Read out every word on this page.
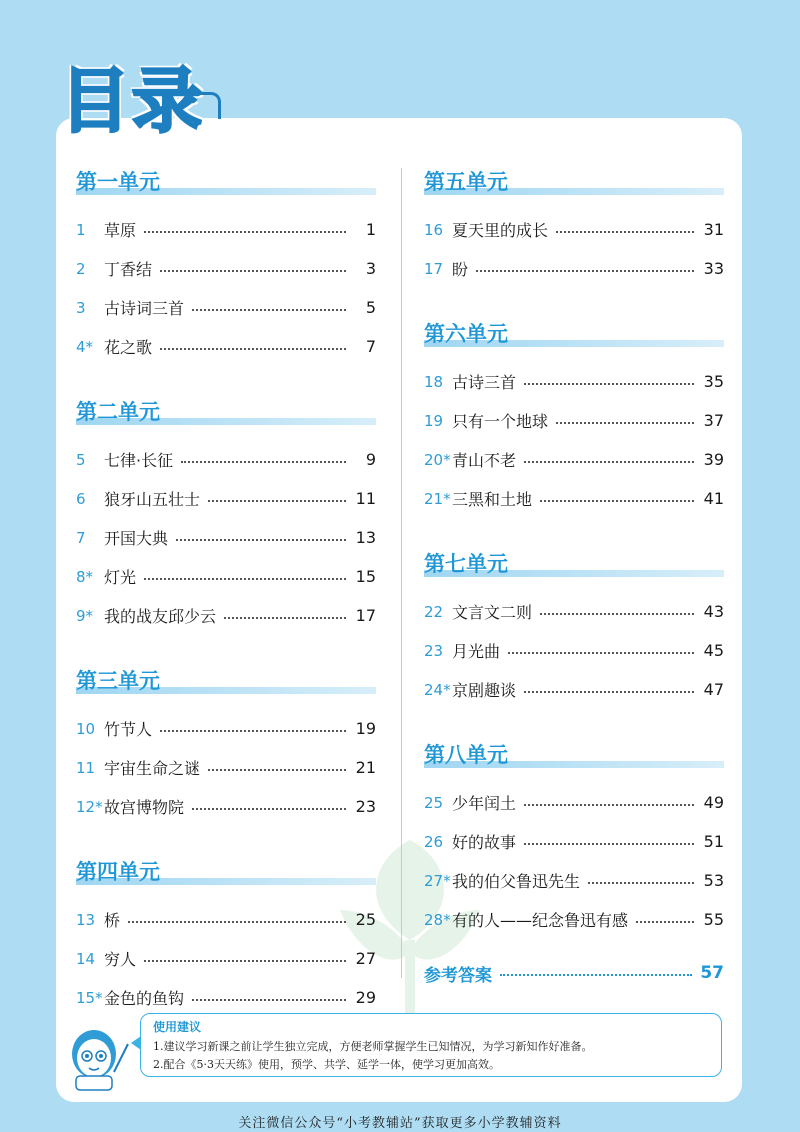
目录
第一单元
1	草原	1
2	丁香结	3
3	古诗词三首	5
4* 花之歌	7
第二单元
5	七律·长征	9
6	狼牙山五壮士	11
7	开国大典	13
8* 灯光	15
9* 我的战友邱少云	17
第三单元
10 竹节人	19
11 宇宙生命之谜	21
12* 故宫博物院	23
第四单元
13 桥	25
14 穷人	27
15* 金色的鱼钩	29
第五单元
16 夏天里的成长	31
17 盼	33
第六单元
18 古诗三首	35
19 只有一个地球	37
20* 青山不老	39
21* 三黑和土地	41
第七单元
22 文言文二则	43
23 月光曲	45
24* 京剧趣谈	47
第八单元
25 少年闰土	49
26 好的故事	51
27* 我的伯父鲁迅先生	53
28* 有的人——纪念鲁迅有感	55
参考答案	57
使用建议
1.建议学习新课之前让学生独立完成，方便老师掌握学生已知情况，为学习新知作好准备。
2.配合《5·3天天练》使用，预学、共学、延学一体，使学习更加高效。
关注微信公众号“小考教辅站”获取更多小学教辅资料
